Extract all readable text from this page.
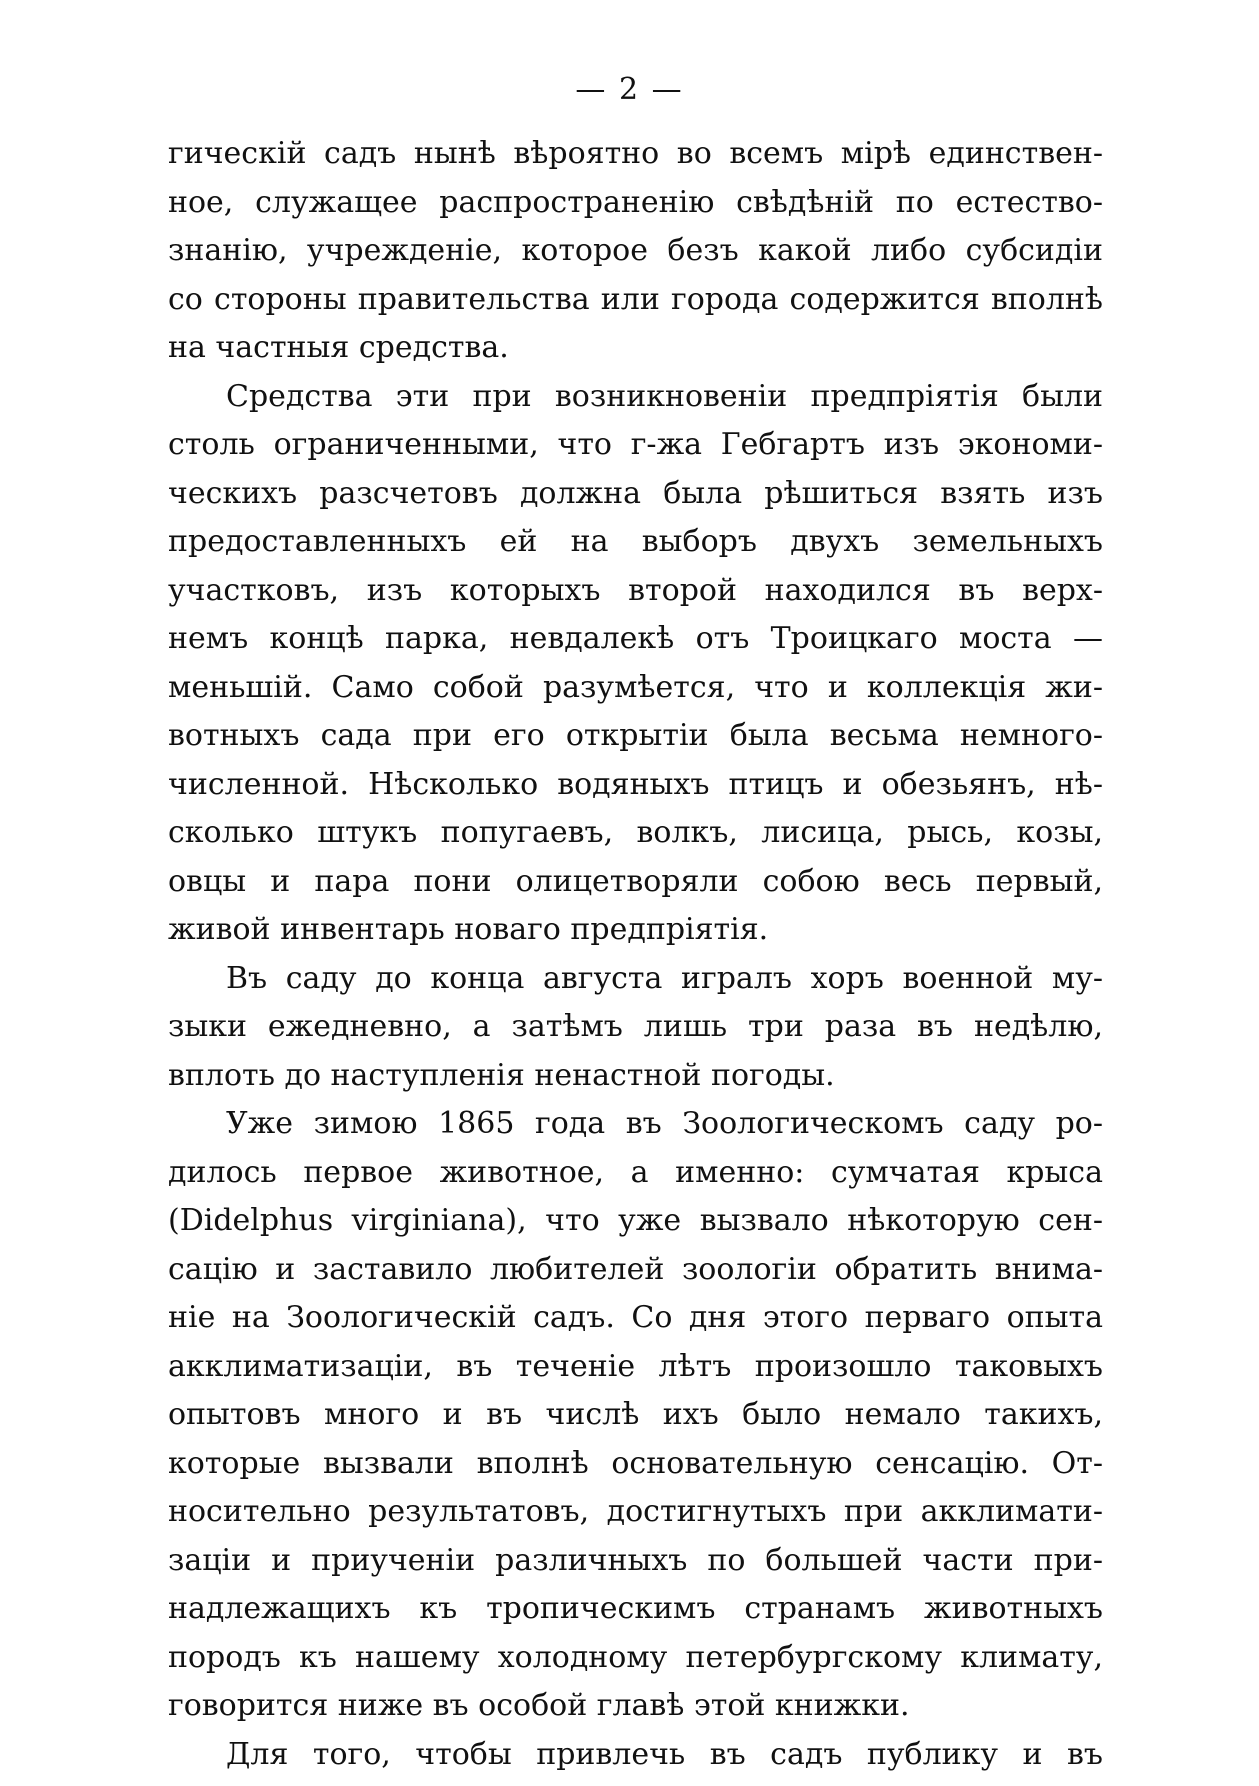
— 2 —
гическій садъ нынѣ вѣроятно во всемъ мірѣ единствен-
ное, служащее распространенію свѣдѣній по естество-
знанію, учрежденіе, которое безъ какой либо субсидіи
со стороны правительства или города содержится вполнѣ
на частныя средства.
Средства эти при возникновеніи предпріятія были
столь ограниченными, что г-жа Гебгартъ изъ экономи-
ческихъ разсчетовъ должна была рѣшиться взять изъ
предоставленныхъ ей на выборъ двухъ земельныхъ
участковъ, изъ которыхъ второй находился въ верх-
немъ концѣ парка, невдалекѣ отъ Троицкаго моста —
меньшій. Само собой разумѣется, что и коллекція жи-
вотныхъ сада при его открытіи была весьма немного-
численной. Нѣсколько водяныхъ птицъ и обезьянъ, нѣ-
сколько штукъ попугаевъ, волкъ, лисица, рысь, козы,
овцы и пара пони олицетворяли собою весь первый,
живой инвентарь новаго предпріятія.
Въ саду до конца августа игралъ хоръ военной му-
зыки ежедневно, а затѣмъ лишь три раза въ недѣлю,
вплоть до наступленія ненастной погоды.
Уже зимою 1865 года въ Зоологическомъ саду ро-
дилось первое животное, а именно: сумчатая крыса
(Didelphus virginiana), что уже вызвало нѣкоторую сен-
сацію и заставило любителей зоологіи обратить внима-
ніе на Зоологическій садъ. Со дня этого перваго опыта
акклиматизаціи, въ теченіе лѣтъ произошло таковыхъ
опытовъ много и въ числѣ ихъ было немало такихъ,
которые вызвали вполнѣ основательную сенсацію. От-
носительно результатовъ, достигнутыхъ при акклимати-
заціи и приученіи различныхъ по большей части при-
надлежащихъ къ тропическимъ странамъ животныхъ
породъ къ нашему холодному петербургскому климату,
говорится ниже въ особой главѣ этой книжки.
Для того, чтобы привлечь въ садъ публику и въ
